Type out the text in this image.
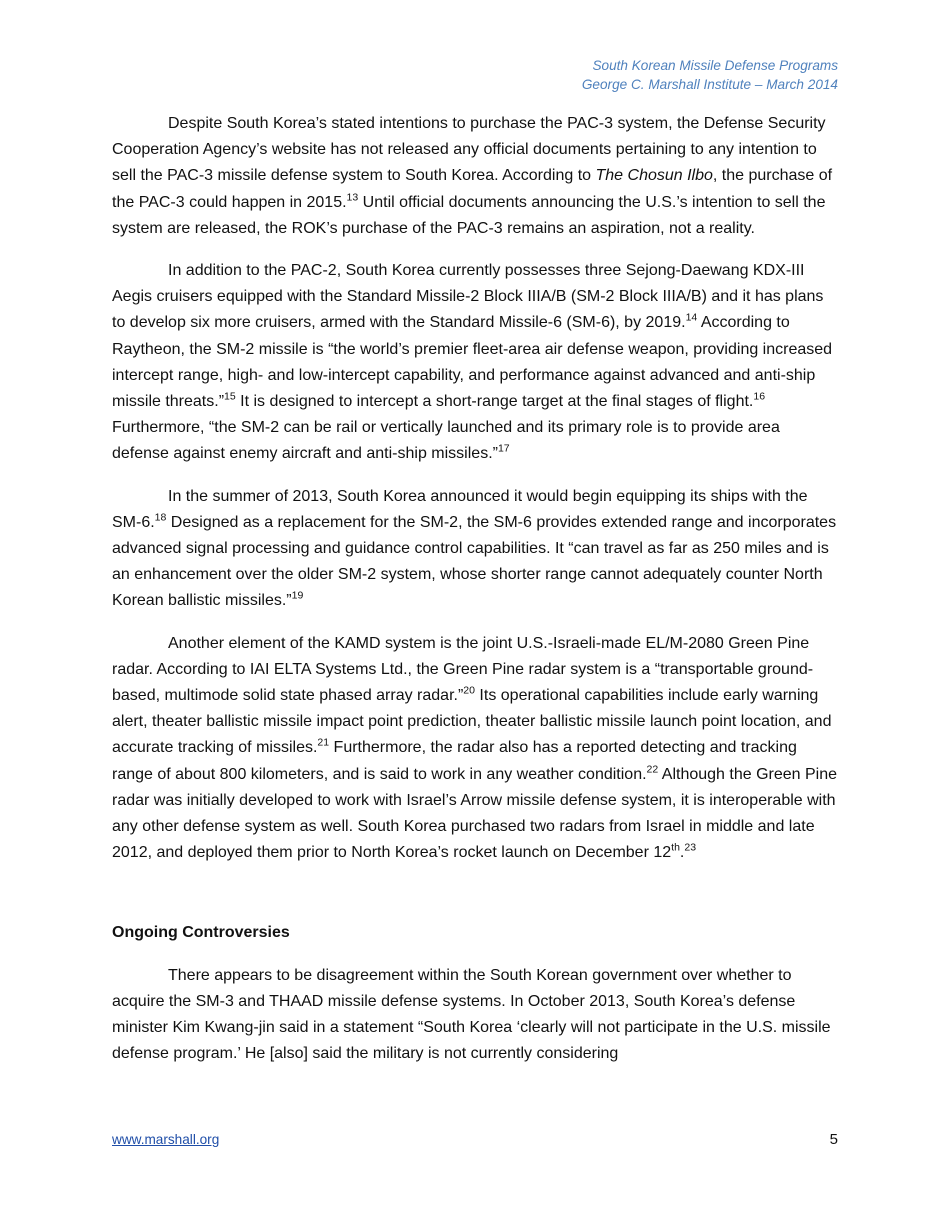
South Korean Missile Defense Programs
George C. Marshall Institute – March 2014

Despite South Korea’s stated intentions to purchase the PAC-3 system, the Defense Security Cooperation Agency’s website has not released any official documents pertaining to any intention to sell the PAC-3 missile defense system to South Korea. According to The Chosun Ilbo, the purchase of the PAC-3 could happen in 2015.13 Until official documents announcing the U.S.’s intention to sell the system are released, the ROK’s purchase of the PAC-3 remains an aspiration, not a reality.

In addition to the PAC-2, South Korea currently possesses three Sejong-Daewang KDX-III Aegis cruisers equipped with the Standard Missile-2 Block IIIA/B (SM-2 Block IIIA/B) and it has plans to develop six more cruisers, armed with the Standard Missile-6 (SM-6), by 2019.14 According to Raytheon, the SM-2 missile is “the world’s premier fleet-area air defense weapon, providing increased intercept range, high- and low-intercept capability, and performance against advanced and anti-ship missile threats.”$^{15}$ It is designed to intercept a short-range target at the final stages of flight.$^{16}$ Furthermore, “the SM-2 can be rail or vertically launched and its primary role is to provide area defense against enemy aircraft and anti-ship missiles.”$^{17}$

In the summer of 2013, South Korea announced it would begin equipping its ships with the SM-6.18 Designed as a replacement for the SM-2, the SM-6 provides extended range and incorporates advanced signal processing and guidance control capabilities. It “can travel as far as 250 miles and is an enhancement over the older SM-2 system, whose shorter range cannot adequately counter North Korean ballistic missiles.”$^{19}$

Another element of the KAMD system is the joint U.S.-Israeli-made EL/M-2080 Green Pine radar. According to IAI ELTA Systems Ltd., the Green Pine radar system is a “transportable ground-based, multimode solid state phased array radar.”$^{20}$ Its operational capabilities include early warning alert, theater ballistic missile impact point prediction, theater ballistic missile launch point location, and accurate tracking of missiles.$^{21}$ Furthermore, the radar also has a reported detecting and tracking range of about 800 kilometers, and is said to work in any weather condition.$^{22}$ Although the Green Pine radar was initially developed to work with Israel’s Arrow missile defense system, it is interoperable with any other defense system as well. South Korea purchased two radars from Israel in middle and late 2012, and deployed them prior to North Korea’s rocket launch on December 12th.$^{23}$

Ongoing Controversies

There appears to be disagreement within the South Korean government over whether to acquire the SM-3 and THAAD missile defense systems. In October 2013, South Korea’s defense minister Kim Kwang-jin said in a statement “South Korea ‘clearly will not participate in the U.S. missile defense program.’ He [also] said the military is not currently considering

www.marshall.org	5
